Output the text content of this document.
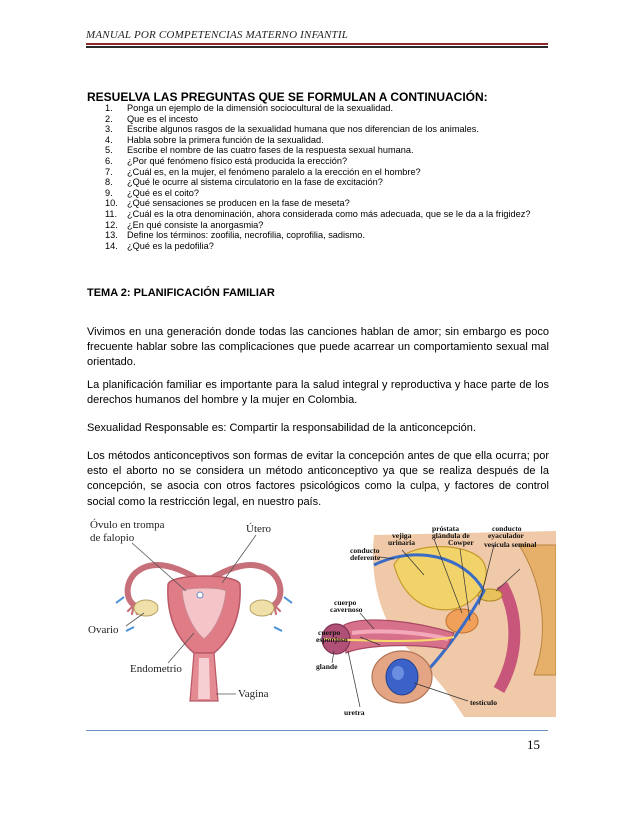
MANUAL POR COMPETENCIAS MATERNO INFANTIL
RESUELVA LAS PREGUNTAS QUE SE FORMULAN A CONTINUACIÓN:
1.	Ponga un ejemplo de la dimensión sociocultural de la sexualidad.
2.	Que es el incesto
3.	Escribe algunos rasgos de la sexualidad humana que nos diferencian de los animales.
4.	Habla sobre la primera función de la sexualidad.
5.	Escribe el nombre de las cuatro fases de la respuesta sexual humana.
6.	¿Por qué fenómeno físico está producida la erección?
7.	¿Cuál es, en la mujer, el fenómeno paralelo a la erección en el hombre?
8.	¿Qué le ocurre al sistema circulatorio en la fase de excitación?
9.	¿Qué es el coito?
10.	¿Qué sensaciones se producen en la fase de meseta?
11.	¿Cuál es la otra denominación, ahora considerada como más adecuada, que se le da a la frigidez?
12.	¿En qué consiste la anorgasmia?
13.	Define los términos: zoofilia, necrofilia, coprofilia, sadismo.
14.	¿Qué es la pedofilia?
TEMA 2: PLANIFICACIÓN FAMILIAR

Vivimos en una generación donde todas las canciones hablan de amor; sin embargo es poco frecuente hablar sobre las complicaciones que puede acarrear un comportamiento sexual mal orientado.

La planificación familiar es importante para la salud integral y reproductiva y hace parte de los derechos humanos del hombre y la mujer en Colombia.

Sexualidad Responsable es: Compartir la responsabilidad de la anticoncepción.

Los métodos anticonceptivos son formas de evitar la concepción antes de que ella ocurra; por esto el aborto no se considera un método anticonceptivo ya que se realiza después de la concepción, se asocia con otros factores psicológicos como la culpa, y factores de control social como la restricción legal, en nuestro país.

Óvulo en trompa
de falopio
Útero
Ovario
Endometrio
Vagina
próstata
glándula de
Cowper
vejiga
urinaria
conducto
eyaculador
vesícula seminal
conducto
deferente
cuerpo
cavernoso
cuerpo
esponjoso
glande
testículo
uretra
15
